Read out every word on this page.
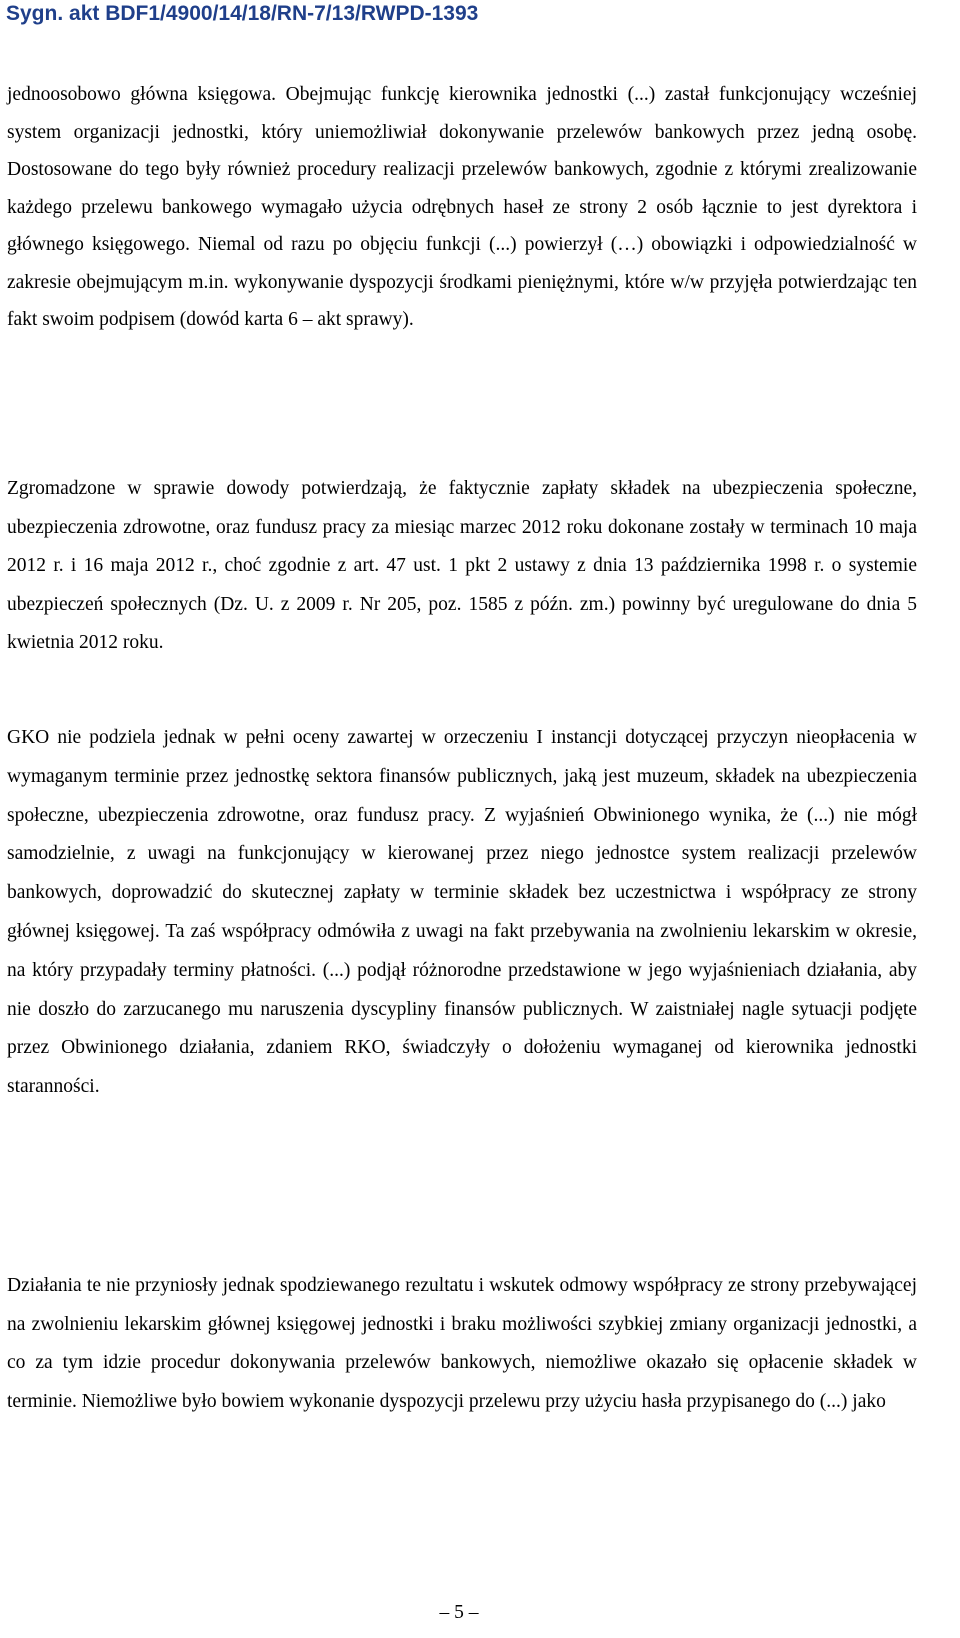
Sygn. akt BDF1/4900/14/18/RN-7/13/RWPD-1393

jednoosobowo główna księgowa. Obejmując funkcję kierownika jednostki (...) zastał funkcjonujący wcześniej system organizacji jednostki, który uniemożliwiał dokonywanie przelewów bankowych przez jedną osobę. Dostosowane do tego były również procedury realizacji przelewów bankowych, zgodnie z którymi zrealizowanie każdego przelewu bankowego wymagało użycia odrębnych haseł ze strony 2 osób łącznie to jest dyrektora i głównego księgowego. Niemal od razu po objęciu funkcji (...) powierzył (…) obowiązki i odpowiedzialność w zakresie obejmującym m.in. wykonywanie dyspozycji środkami pieniężnymi, które w/w przyjęła potwierdzając ten fakt swoim podpisem (dowód karta 6 – akt sprawy).

Zgromadzone w sprawie dowody potwierdzają, że faktycznie zapłaty składek na ubezpieczenia społeczne, ubezpieczenia zdrowotne, oraz fundusz pracy za miesiąc marzec 2012 roku dokonane zostały w terminach 10 maja 2012 r. i 16 maja 2012 r., choć zgodnie z art. 47 ust. 1 pkt 2 ustawy z dnia 13 października 1998 r. o systemie ubezpieczeń społecznych (Dz. U. z 2009 r. Nr 205, poz. 1585 z późn. zm.) powinny być uregulowane do dnia 5 kwietnia 2012 roku.

GKO nie podziela jednak w pełni oceny zawartej w orzeczeniu I instancji dotyczącej przyczyn nieopłacenia w wymaganym terminie przez jednostkę sektora finansów publicznych, jaką jest muzeum, składek na ubezpieczenia społeczne, ubezpieczenia zdrowotne, oraz fundusz pracy. Z wyjaśnień Obwinionego wynika, że (...) nie mógł samodzielnie, z uwagi na funkcjonujący w kierowanej przez niego jednostce system realizacji przelewów bankowych, doprowadzić do skutecznej zapłaty w terminie składek bez uczestnictwa i współpracy ze strony głównej księgowej. Ta zaś współpracy odmówiła z uwagi na fakt przebywania na zwolnieniu lekarskim w okresie, na który przypadały terminy płatności. (...) podjął różnorodne przedstawione w jego wyjaśnieniach działania, aby nie doszło do zarzucanego mu naruszenia dyscypliny finansów publicznych. W zaistniałej nagle sytuacji podjęte przez Obwinionego działania, zdaniem RKO, świadczyły o dołożeniu wymaganej od kierownika jednostki staranności.

Działania te nie przyniosły jednak spodziewanego rezultatu i wskutek odmowy współpracy ze strony przebywającej na zwolnieniu lekarskim głównej księgowej jednostki i braku możliwości szybkiej zmiany organizacji jednostki, a co za tym idzie procedur dokonywania przelewów bankowych, niemożliwe okazało się opłacenie składek w terminie. Niemożliwe było bowiem wykonanie dyspozycji przelewu przy użyciu hasła przypisanego do (...) jako

– 5 –
